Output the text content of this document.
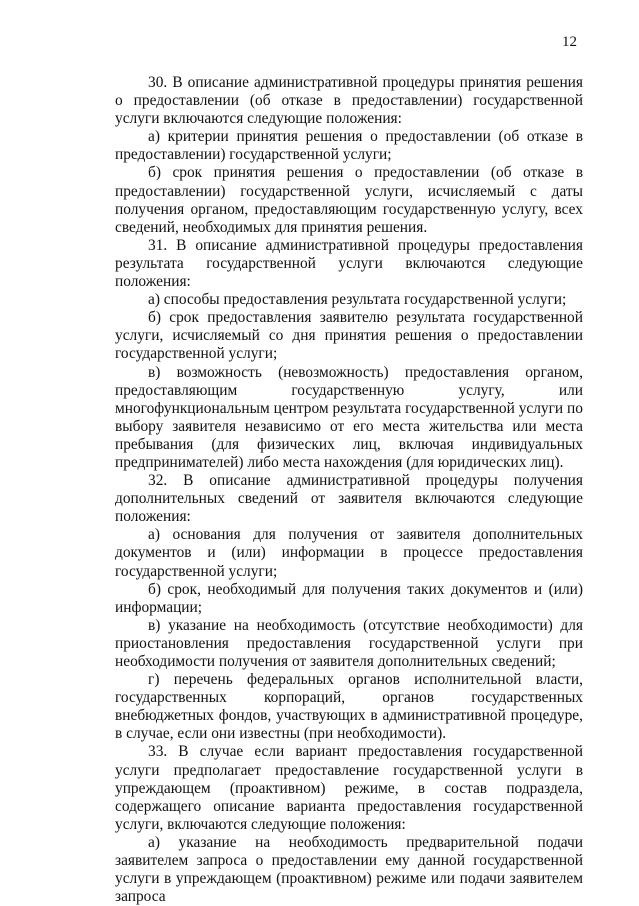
12

30. В описание административной процедуры принятия решения о предоставлении (об отказе в предоставлении) государственной услуги включаются следующие положения:

а) критерии принятия решения о предоставлении (об отказе в предоставлении) государственной услуги;

б) срок принятия решения о предоставлении (об отказе в предоставлении) государственной услуги, исчисляемый с даты получения органом, предоставляющим государственную услугу, всех сведений, необходимых для принятия решения.

31. В описание административной процедуры предоставления результата государственной услуги включаются следующие положения:

а) способы предоставления результата государственной услуги;

б) срок предоставления заявителю результата государственной услуги, исчисляемый со дня принятия решения о предоставлении государственной услуги;

в) возможность (невозможность) предоставления органом, предоставляющим государственную услугу, или многофункциональным центром результата государственной услуги по выбору заявителя независимо от его места жительства или места пребывания (для физических лиц, включая индивидуальных предпринимателей) либо места нахождения (для юридических лиц).

32. В описание административной процедуры получения дополнительных сведений от заявителя включаются следующие положения:

а) основания для получения от заявителя дополнительных документов и (или) информации в процессе предоставления государственной услуги;

б) срок, необходимый для получения таких документов и (или) информации;

в) указание на необходимость (отсутствие необходимости) для приостановления предоставления государственной услуги при необходимости получения от заявителя дополнительных сведений;

г) перечень федеральных органов исполнительной власти, государственных корпораций, органов государственных внебюджетных фондов, участвующих в административной процедуре, в случае, если они известны (при необходимости).

33. В случае если вариант предоставления государственной услуги предполагает предоставление государственной услуги в упреждающем (проактивном) режиме, в состав подраздела, содержащего описание варианта предоставления государственной услуги, включаются следующие положения:

а) указание на необходимость предварительной подачи заявителем запроса о предоставлении ему данной государственной услуги в упреждающем (проактивном) режиме или подачи заявителем запроса
